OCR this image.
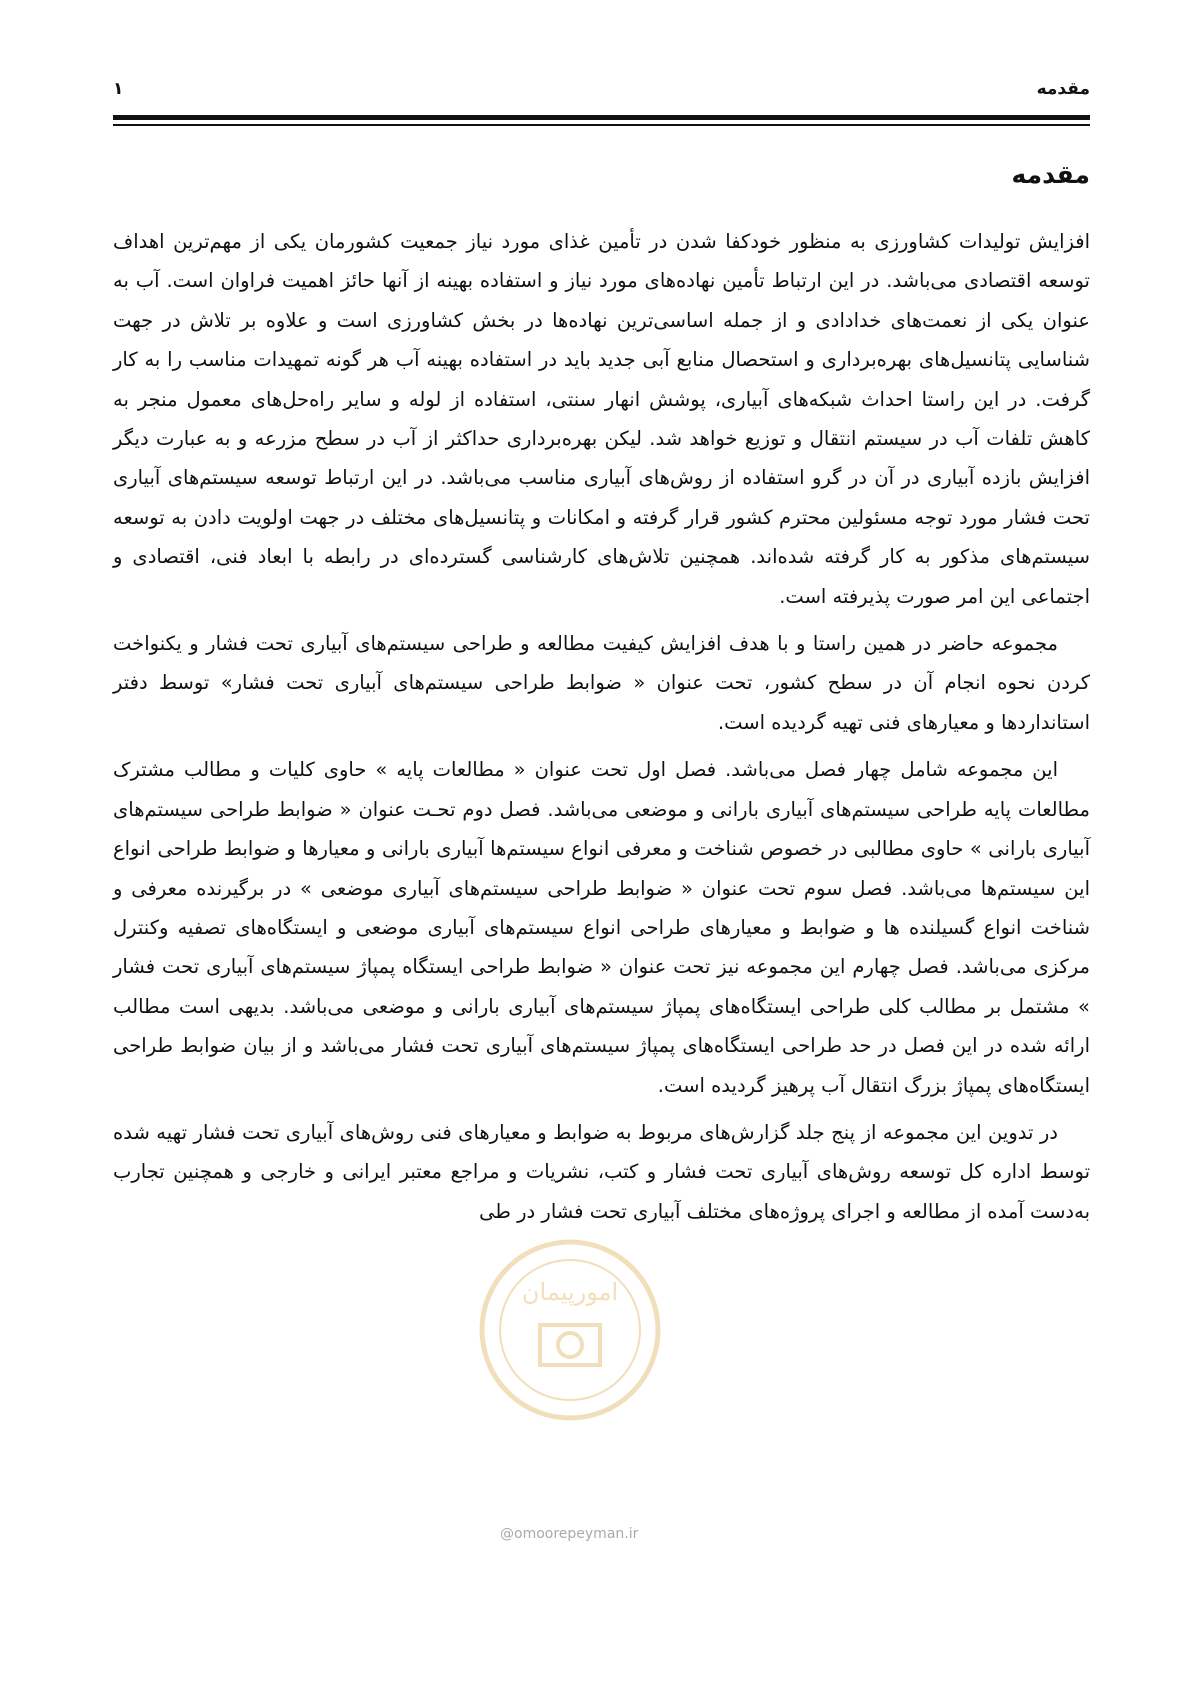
مقدمه
۱
مقدمه

افزایش تولیدات کشاورزی به منظور خودکفا شدن در تأمین غذای مورد نیاز جمعیت کشورمان یکی از مهم‌ترین اهداف توسعه اقتصادی می‌باشد. در این ارتباط تأمین نهاده‌های مورد نیاز و استفاده بهینه از آنها حائز اهمیت فراوان است. آب به عنوان یکی از نعمت‌های خدادادی و از جمله اساسی‌ترین نهاده‌ها در بخش کشاورزی است و علاوه بر تلاش در جهت شناسایی پتانسیل‌های بهره‌برداری و استحصال منابع آبی جدید باید در استفاده بهینه آب هر گونه تمهیدات مناسب را به کار گرفت. در این راستا احداث شبکه‌های آبیاری، پوشش انهار سنتی، استفاده از لوله و سایر راه‌حل‌های معمول منجر به کاهش تلفات آب در سیستم انتقال و توزیع خواهد شد. لیکن بهره‌برداری حداکثر از آب در سطح مزرعه و به عبارت دیگر افزایش بازده آبیاری در آن در گرو استفاده از روش‌های آبیاری مناسب می‌باشد. در این ارتباط توسعه سیستم‌های آبیاری تحت فشار مورد توجه مسئولین محترم کشور قرار گرفته و امکانات و پتانسیل‌های مختلف در جهت اولویت دادن به توسعه سیستم‌های مذکور به کار گرفته شده‌اند. همچنین تلاش‌های کارشناسی گسترده‌ای در رابطه با ابعاد فنی، اقتصادی و اجتماعی این امر صورت پذیرفته است.

مجموعه حاضر در همین راستا و با هدف افزایش کیفیت مطالعه و طراحی سیستم‌های آبیاری تحت فشار و یکنواخت کردن نحوه انجام آن در سطح کشور، تحت عنوان « ضوابط طراحی سیستم‌های آبیاری تحت فشار» توسط دفتر استانداردها و معیارهای فنی تهیه گردیده است.

این مجموعه شامل چهار فصل می‌باشد. فصل اول تحت عنوان « مطالعات پایه » حاوی کلیات و مطالب مشترک مطالعات پایه طراحی سیستم‌های آبیاری بارانی و موضعی می‌باشد. فصل دوم تحـت عنوان « ضوابط طراحی سیستم‌های آبیاری بارانی » حاوی مطالبی در خصوص شناخت و معرفی انواع سیستم‌ها آبیاری بارانی و معیارها و ضوابط طراحی انواع این سیستم‌ها می‌باشد. فصل سوم تحت عنوان « ضوابط طراحی سیستم‌های آبیاری موضعی » در برگیرنده معرفی و شناخت انواع گسیلنده ها و ضوابط و معیارهای طراحی انواع سیستم‌های آبیاری موضعی و ایستگاه‌های تصفیه وکنترل مرکزی می‌باشد. فصل چهارم این مجموعه نیز تحت عنوان « ضوابط طراحی ایستگاه پمپاژ سیستم‌های آبیاری تحت فشار » مشتمل بر مطالب کلی طراحی ایستگاه‌های پمپاژ سیستم‌های آبیاری بارانی و موضعی می‌باشد. بدیهی است مطالب ارائه شده در این فصل در حد طراحی ایستگاه‌های پمپاژ سیستم‌های آبیاری تحت فشار می‌باشد و از بیان ضوابط طراحی ایستگاه‌های پمپاژ بزرگ انتقال آب پرهیز گردیده است.

در تدوین این مجموعه از پنج جلد گزارش‌های مربوط به ضوابط و معیارهای فنی روش‌های آبیاری تحت فشار تهیه شده توسط اداره کل توسعه روش‌های آبیاری تحت فشار و کتب، نشریات و مراجع معتبر ایرانی و خارجی و همچنین تجارب به‌دست آمده از مطالعه و اجرای پروژه‌های مختلف آبیاری تحت فشار در طی

امورپیمان
@omoorepeyman.ir
